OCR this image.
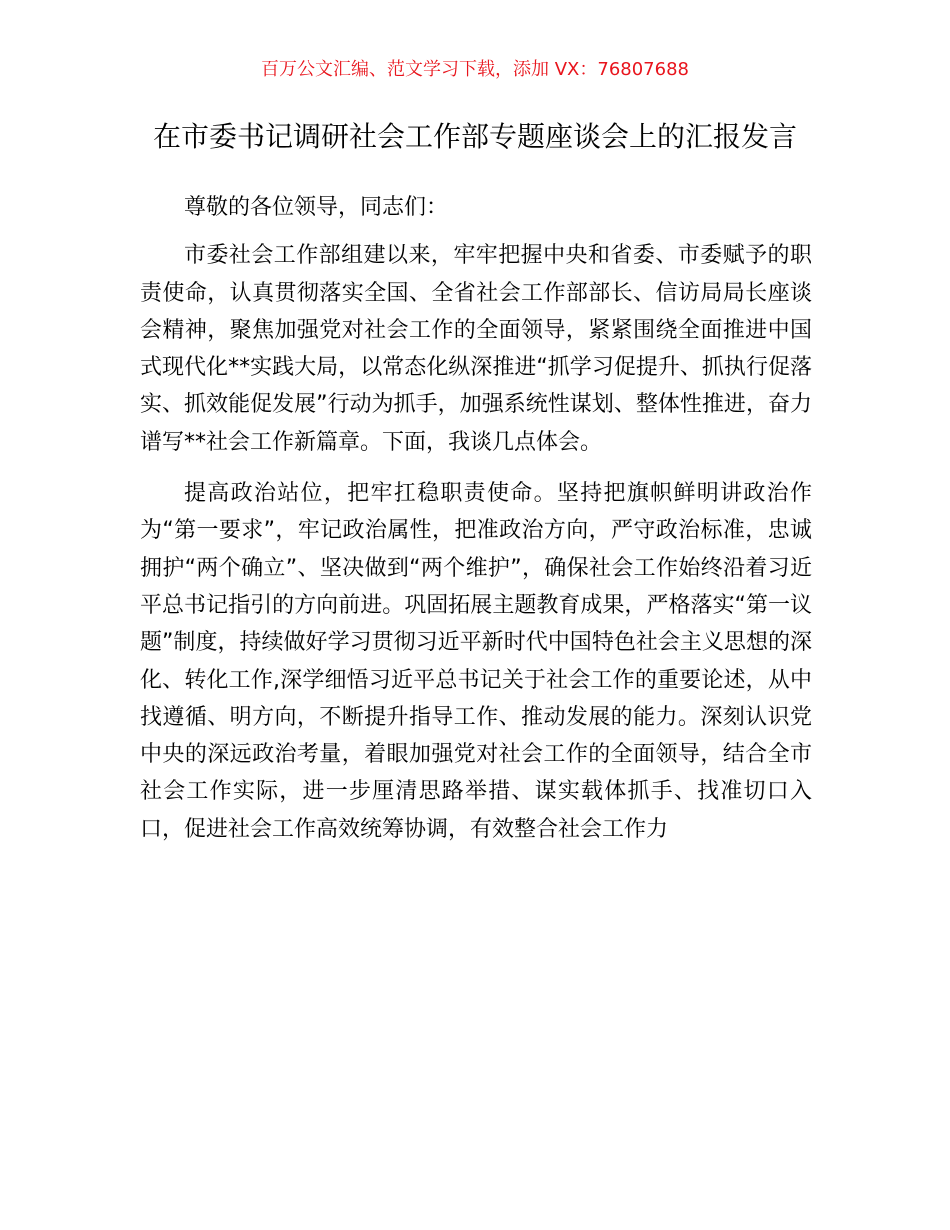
百万公文汇编、范文学习下载，添加 VX：76807688
在市委书记调研社会工作部专题座谈会上的汇报发言

尊敬的各位领导，同志们：

市委社会工作部组建以来，牢牢把握中央和省委、市委赋予的职责使命，认真贯彻落实全国、全省社会工作部部长、信访局局长座谈会精神，聚焦加强党对社会工作的全面领导，紧紧围绕全面推进中国式现代化**实践大局，以常态化纵深推进“抓学习促提升、抓执行促落实、抓效能促发展”行动为抓手，加强系统性谋划、整体性推进，奋力谱写**社会工作新篇章。下面，我谈几点体会。

提高政治站位，把牢扛稳职责使命。坚持把旗帜鲜明讲政治作为“第一要求”，牢记政治属性，把准政治方向，严守政治标准，忠诚拥护“两个确立”、坚决做到“两个维护”，确保社会工作始终沿着习近平总书记指引的方向前进。巩固拓展主题教育成果，严格落实“第一议题”制度，持续做好学习贯彻习近平新时代中国特色社会主义思想的深化、转化工作,深学细悟习近平总书记关于社会工作的重要论述，从中找遵循、明方向，不断提升指导工作、推动发展的能力。深刻认识党中央的深远政治考量，着眼加强党对社会工作的全面领导，结合全市社会工作实际，进一步厘清思路举措、谋实载体抓手、找准切口入口，促进社会工作高效统筹协调，有效整合社会工作力
